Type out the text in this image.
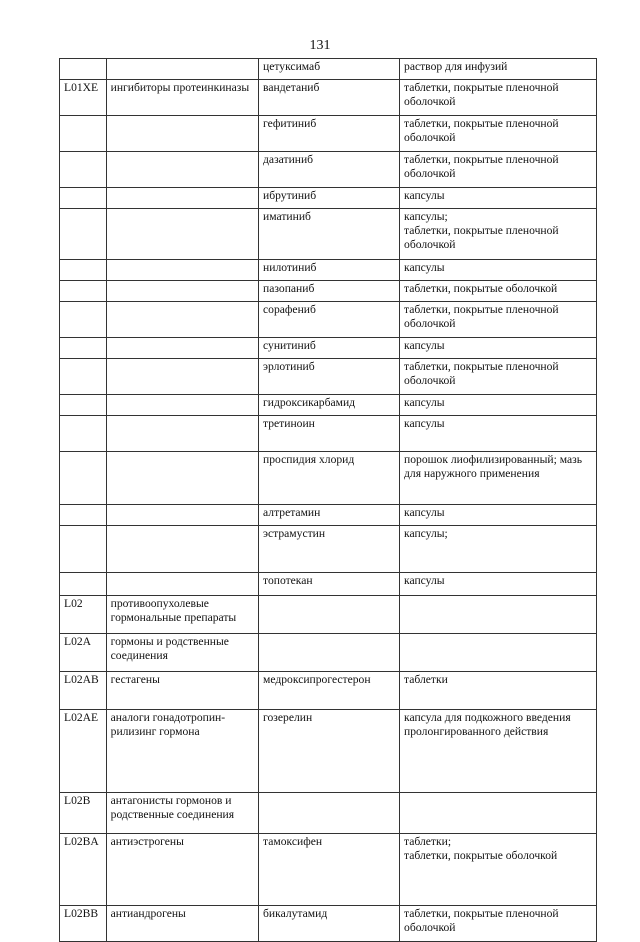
131
		цетуксимаб	раствор для инфузий
L01XE	ингибиторы протеинкиназы	вандетаниб	таблетки, покрытые пленочной оболочкой
		гефитиниб	таблетки, покрытые пленочной оболочкой
		дазатиниб	таблетки, покрытые пленочной оболочкой
		ибрутиниб	капсулы
		иматиниб	капсулы;
таблетки, покрытые пленочной оболочкой
		нилотиниб	капсулы
		пазопаниб	таблетки, покрытые оболочкой
		сорафениб	таблетки, покрытые пленочной оболочкой
		сунитиниб	капсулы
		эрлотиниб	таблетки, покрытые пленочной оболочкой
		гидроксикарбамид	капсулы
		третиноин	капсулы
		проспидия хлорид	порошок лиофилизированный; мазь для наружного применения
		алтретамин	капсулы
		эстрамустин	капсулы;
		топотекан	капсулы
L02	противоопухолевые гормональные препараты		
L02A	гормоны и родственные соединения		
L02AB	гестагены	медроксипрогестерон	таблетки
L02AE	аналоги гонадотропин-рилизинг гормона	гозерелин	капсула для подкожного введения пролонгированного действия
L02B	антагонисты гормонов и родственные соединения		
L02BA	антиэстрогены	тамоксифен	таблетки;
таблетки, покрытые оболочкой
L02BB	антиандрогены	бикалутамид	таблетки, покрытые пленочной оболочкой
